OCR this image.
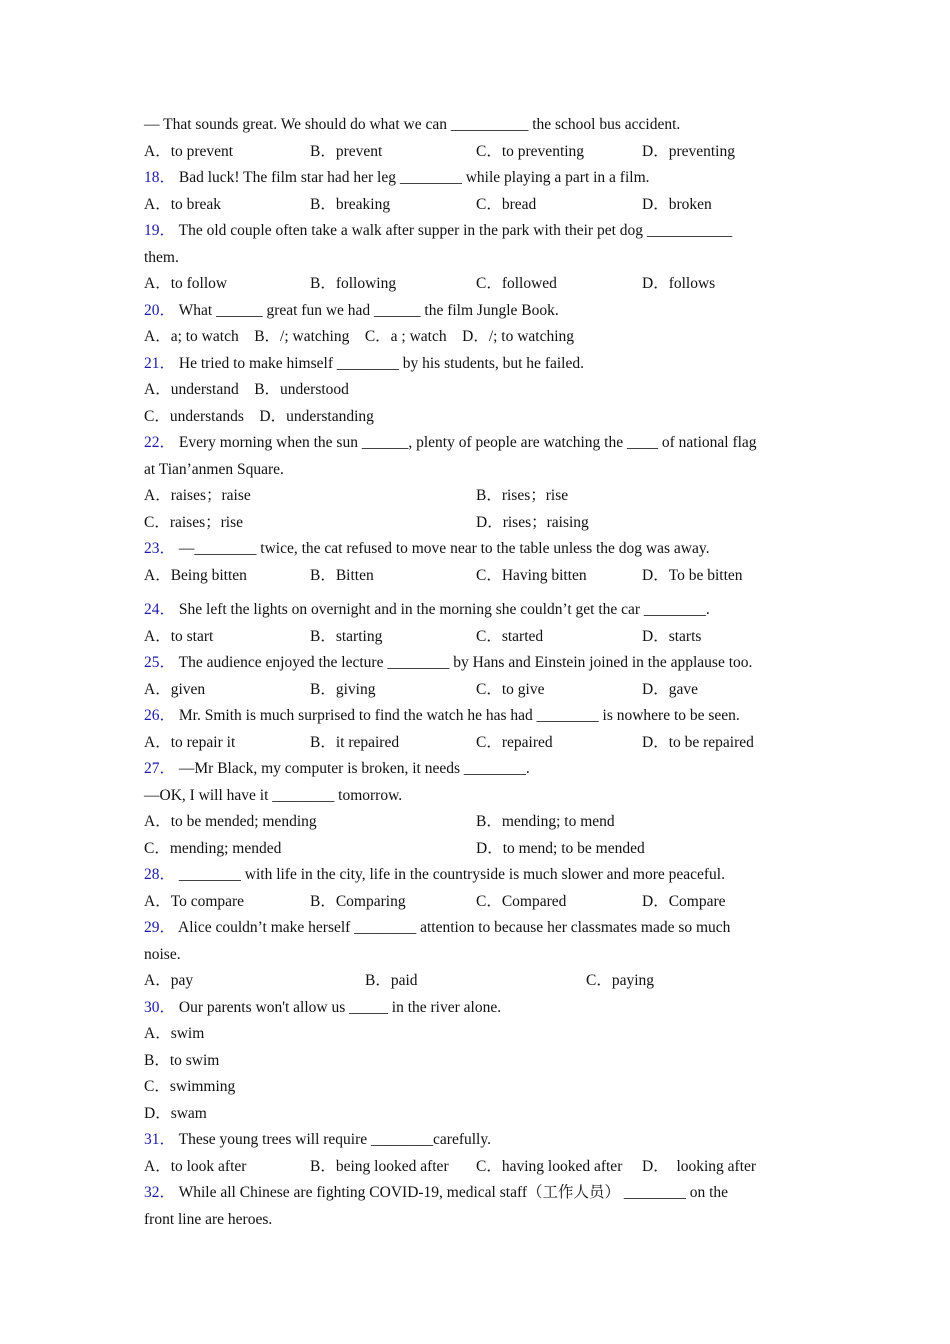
— That sounds great. We should do what we can __________ the school bus accident.
A．to prevent	B．prevent	C．to preventing	D．preventing
18． Bad luck! The film star had her leg ________ while playing a part in a film.
A．to break	B．breaking	C．bread	D．broken
19． The old couple often take a walk after supper in the park with their pet dog ___________
them.
A．to follow	B．following	C．followed	D．follows
20． What ______ great fun we had ______ the film Jungle Book.
A．a; to watch    B．/; watching    C．a ; watch    D．/; to watching
21． He tried to make himself ________ by his students, but he failed.
A．understand    B．understood
C．understands    D．understanding
22． Every morning when the sun ______, plenty of people are watching the ____ of national flag
at Tian’anmen Square.
A．raises；raise	B．rises；rise
C．raises；rise	D．rises；raising
23． —________ twice, the cat refused to move near to the table unless the dog was away.
A．Being bitten	B．Bitten	C．Having bitten	D．To be bitten
24． She left the lights on overnight and in the morning she couldn’t get the car ________.
A．to start	B．starting	C．started	D．starts
25． The audience enjoyed the lecture ________ by Hans and Einstein joined in the applause too.
A．given	B．giving	C．to give	D．gave
26． Mr. Smith is much surprised to find the watch he has had ________ is nowhere to be seen.
A．to repair it	B．it repaired	C．repaired	D．to be repaired
27． —Mr Black, my computer is broken, it needs ________.
—OK, I will have it ________ tomorrow.
A．to be mended; mending	B．mending; to mend
C．mending; mended	D．to mend; to be mended
28． ________ with life in the city, life in the countryside is much slower and more peaceful.
A．To compare	B．Comparing	C．Compared	D．Compare
29． Alice couldn’t make herself ________ attention to because her classmates made so much
noise.
A．pay	B．paid	C．paying
30． Our parents won't allow us _____ in the river alone.
A．swim
B．to swim
C．swimming
D．swam
31． These young trees will require ________carefully.
A．to look after	B．being looked after	C．having looked after	D．  looking after
32． While all Chinese are fighting COVID-19, medical staff（工作人员） ________ on the
front line are heroes.
